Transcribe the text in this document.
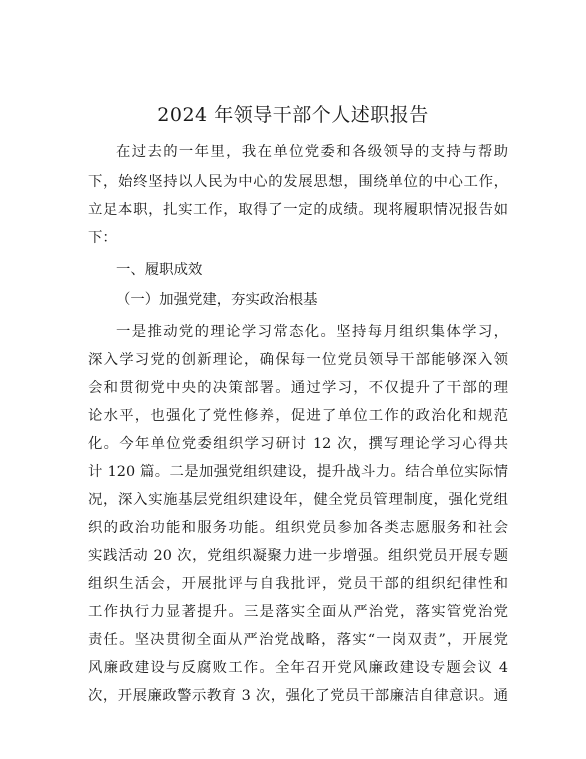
2024 年领导干部个人述职报告
在过去的一年里，我在单位党委和各级领导的支持与帮助
下，始终坚持以人民为中心的发展思想，围绕单位的中心工作，
立足本职，扎实工作，取得了一定的成绩。现将履职情况报告如
下：
一、履职成效
（一）加强党建，夯实政治根基
一是推动党的理论学习常态化。坚持每月组织集体学习，
深入学习党的创新理论，确保每一位党员领导干部能够深入领
会和贯彻党中央的决策部署。通过学习，不仅提升了干部的理
论水平，也强化了党性修养，促进了单位工作的政治化和规范
化。今年单位党委组织学习研讨 12 次，撰写理论学习心得共
计 120 篇。二是加强党组织建设，提升战斗力。结合单位实际情
况，深入实施基层党组织建设年，健全党员管理制度，强化党组
织的政治功能和服务功能。组织党员参加各类志愿服务和社会
实践活动 20 次，党组织凝聚力进一步增强。组织党员开展专题
组织生活会，开展批评与自我批评，党员干部的组织纪律性和
工作执行力显著提升。三是落实全面从严治党，落实管党治党
责任。坚决贯彻全面从严治党战略，落实“一岗双责”，开展党
风廉政建设与反腐败工作。全年召开党风廉政建设专题会议 4
次，开展廉政警示教育 3 次，强化了党员干部廉洁自律意识。通
